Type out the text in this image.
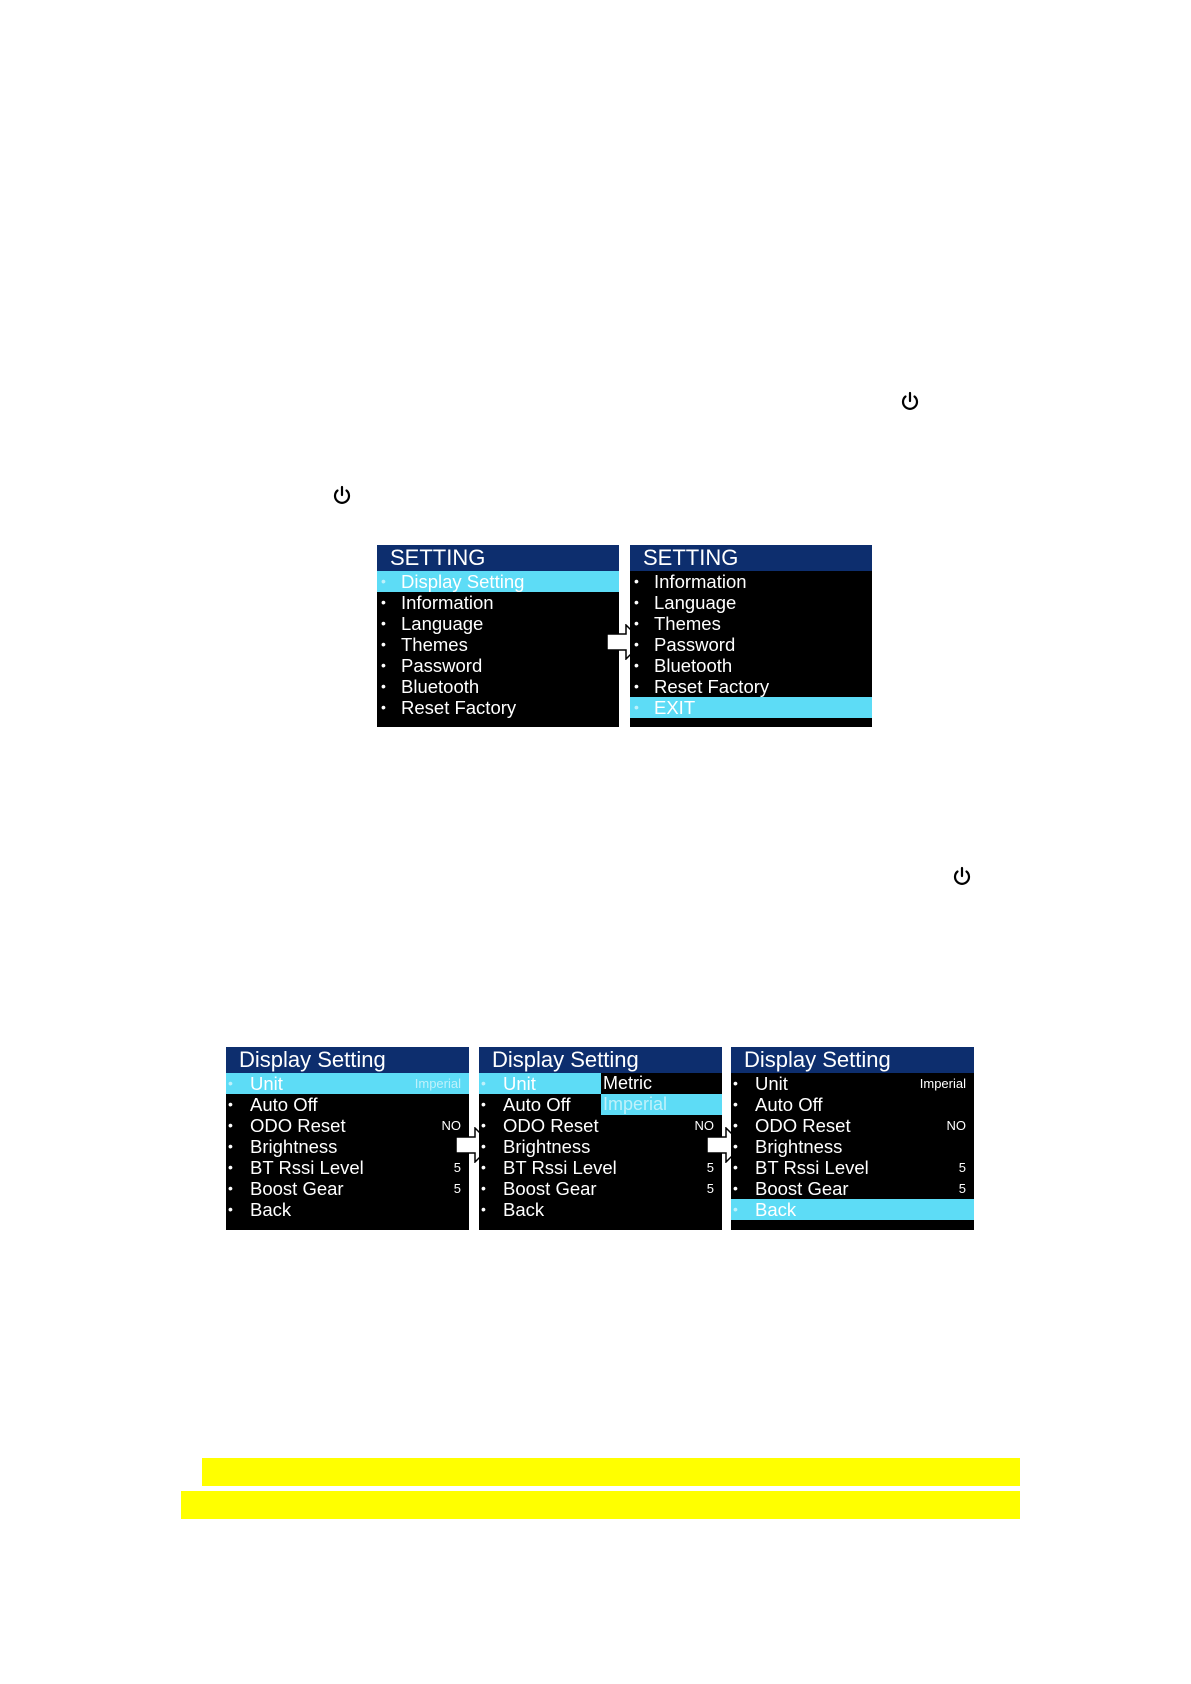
SETTING
• Display Setting
• Information
• Language
• Themes
• Password
• Bluetooth
• Reset Factory
SETTING
• Information
• Language
• Themes
• Password
• Bluetooth
• Reset Factory
• EXIT
Display Setting
• Unit	Imperial
• Auto Off
• ODO Reset	NO
• Brightness
• BT Rssi Level	5
• Boost Gear	5
• Back
Display Setting
• Unit
• Auto Off
• ODO Reset	NO
• Brightness
• BT Rssi Level	5
• Boost Gear	5
• Back
Metric
Imperial
Display Setting
• Unit	Imperial
• Auto Off
• ODO Reset	NO
• Brightness
• BT Rssi Level	5
• Boost Gear	5
• Back
